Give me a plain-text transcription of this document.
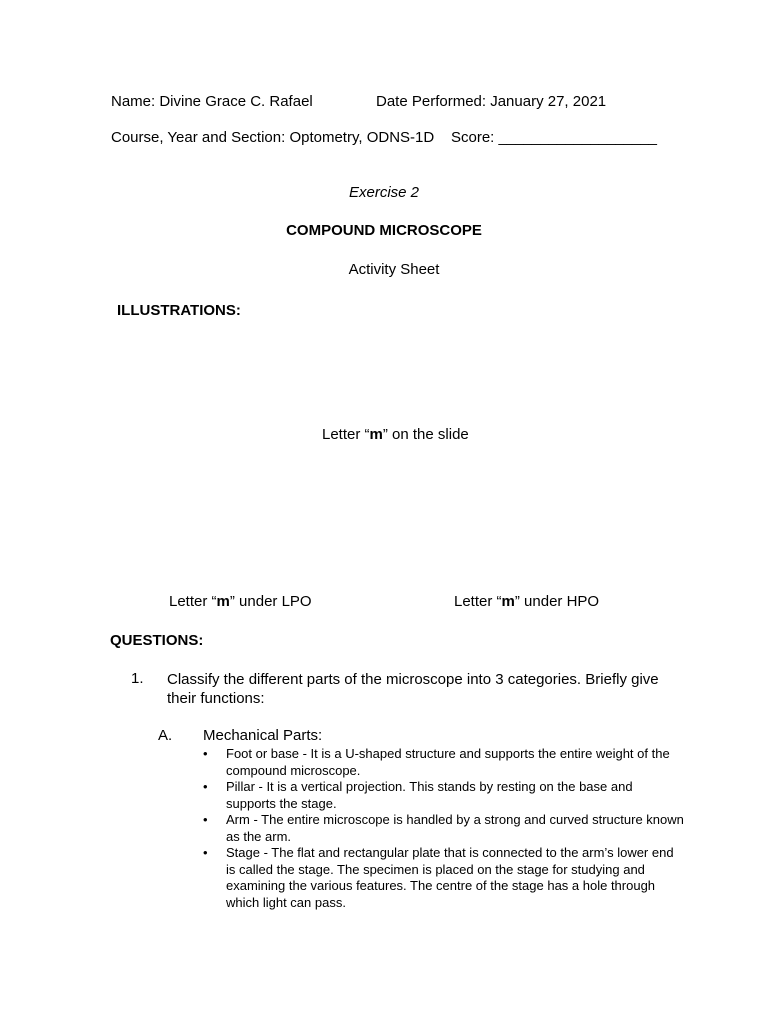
Name: Divine Grace C. Rafael	Date Performed: January 27, 2021
Course, Year and Section: Optometry, ODNS-1D Score: ___________________
Exercise 2
COMPOUND MICROSCOPE
Activity Sheet
ILLUSTRATIONS:
Letter “m” on the slide
Letter “m” under LPO	Letter “m” under HPO
QUESTIONS:
1. Classify the different parts of the microscope into 3 categories. Briefly give their functions:
A. Mechanical Parts:
• Foot or base - It is a U-shaped structure and supports the entire weight of the compound microscope.
• Pillar - It is a vertical projection. This stands by resting on the base and supports the stage.
• Arm - The entire microscope is handled by a strong and curved structure known as the arm.
• Stage - The flat and rectangular plate that is connected to the arm’s lower end is called the stage. The specimen is placed on the stage for studying and examining the various features. The centre of the stage has a hole through which light can pass.
